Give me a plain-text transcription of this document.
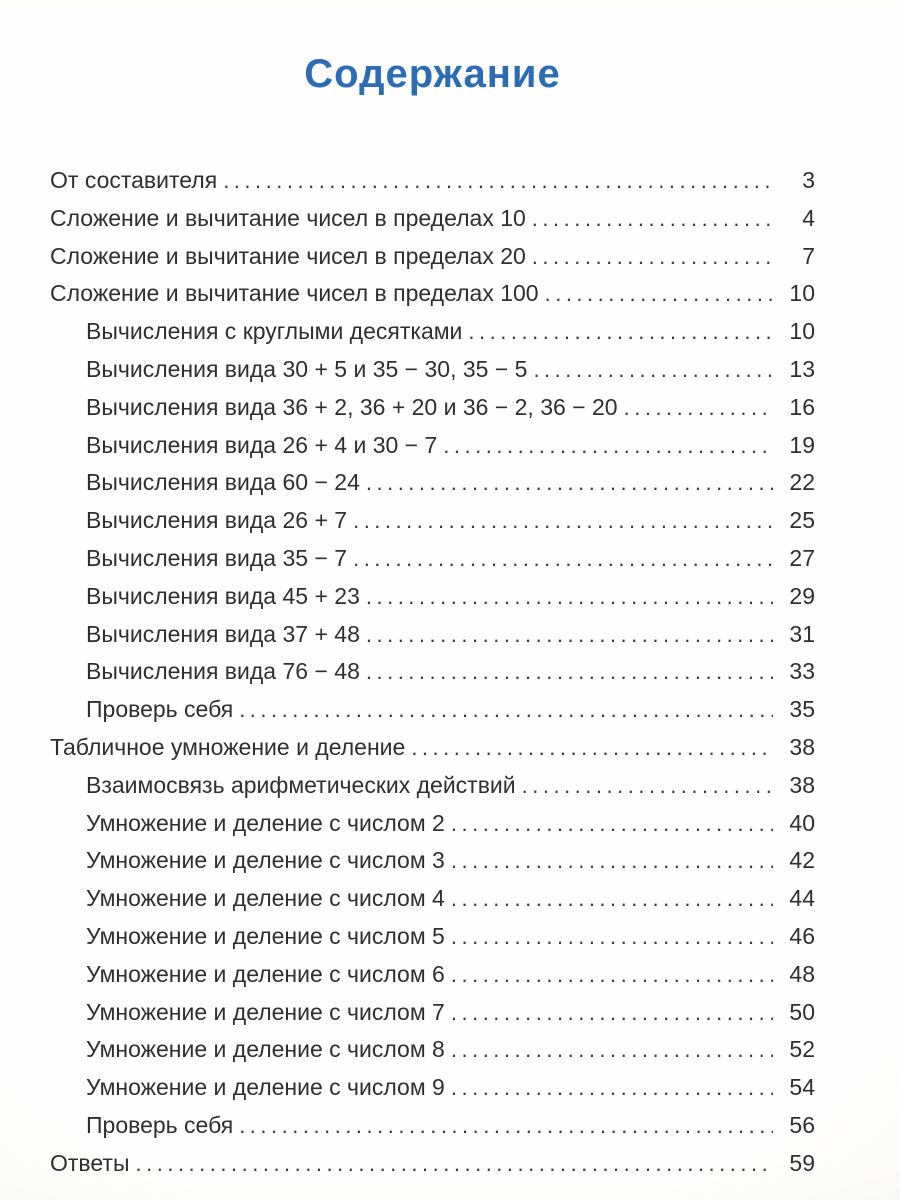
Содержание
От составителя .....	3
Сложение и вычитание чисел в пределах 10 .....	4
Сложение и вычитание чисел в пределах 20 .....	7
Сложение и вычитание чисел в пределах 100 .....	10
Вычисления с круглыми десятками .....	10
Вычисления вида 30 + 5 и 35 − 30, 35 − 5 .....	13
Вычисления вида 36 + 2, 36 + 20 и 36 − 2, 36 − 20 .....	16
Вычисления вида 26 + 4 и 30 − 7 .....	19
Вычисления вида 60 − 24 .....	22
Вычисления вида 26 + 7 .....	25
Вычисления вида 35 − 7 .....	27
Вычисления вида 45 + 23 .....	29
Вычисления вида 37 + 48 .....	31
Вычисления вида 76 − 48 .....	33
Проверь себя .....	35
Табличное умножение и деление .....	38
Взаимосвязь арифметических действий .....	38
Умножение и деление с числом 2 .....	40
Умножение и деление с числом 3 .....	42
Умножение и деление с числом 4 .....	44
Умножение и деление с числом 5 .....	46
Умножение и деление с числом 6 .....	48
Умножение и деление с числом 7 .....	50
Умножение и деление с числом 8 .....	52
Умножение и деление с числом 9 .....	54
Проверь себя .....	56
Ответы .....	59
